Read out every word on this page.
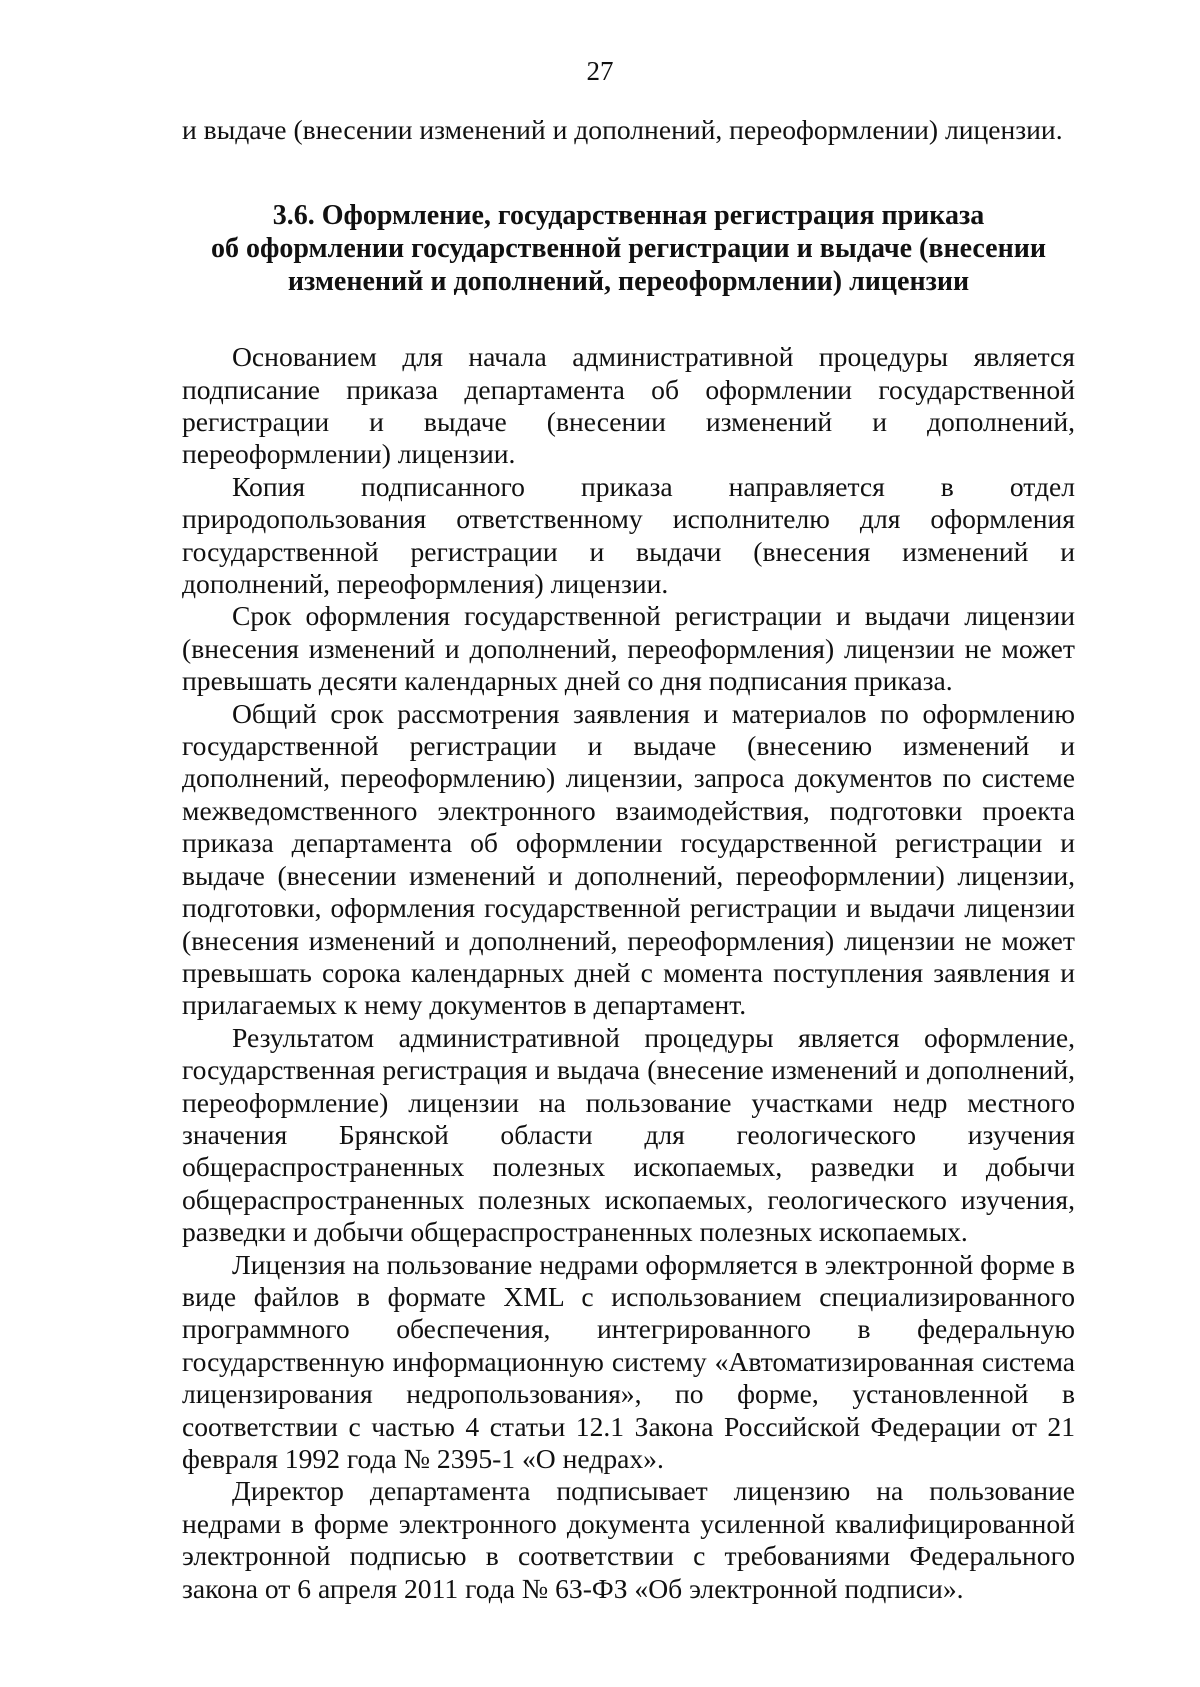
27

и выдаче (внесении изменений и дополнений, переоформлении) лицензии.

3.6. Оформление, государственная регистрация приказа
об оформлении государственной регистрации и выдаче (внесении
изменений и дополнений, переоформлении) лицензии

Основанием для начала административной процедуры является подписание приказа департамента об оформлении государственной регистрации и выдаче (внесении изменений и дополнений, переоформлении) лицензии.

Копия подписанного приказа направляется в отдел природопользования ответственному исполнителю для оформления государственной регистрации и выдачи (внесения изменений и дополнений, переоформления) лицензии.

Срок оформления государственной регистрации и выдачи лицензии (внесения изменений и дополнений, переоформления) лицензии не может превышать десяти календарных дней со дня подписания приказа.

Общий срок рассмотрения заявления и материалов по оформлению государственной регистрации и выдаче (внесению изменений и дополнений, переоформлению) лицензии, запроса документов по системе межведомственного электронного взаимодействия, подготовки проекта приказа департамента об оформлении государственной регистрации и выдаче (внесении изменений и дополнений, переоформлении) лицензии, подготовки, оформления государственной регистрации и выдачи лицензии (внесения изменений и дополнений, переоформления) лицензии не может превышать сорока календарных дней с момента поступления заявления и прилагаемых к нему документов в департамент.

Результатом административной процедуры является оформление, государственная регистрация и выдача (внесение изменений и дополнений, переоформление) лицензии на пользование участками недр местного значения Брянской области для геологического изучения общераспространенных полезных ископаемых, разведки и добычи общераспространенных полезных ископаемых, геологического изучения, разведки и добычи общераспространенных полезных ископаемых.

Лицензия на пользование недрами оформляется в электронной форме в виде файлов в формате XML с использованием специализированного программного обеспечения, интегрированного в федеральную государственную информационную систему «Автоматизированная система лицензирования недропользования», по форме, установленной в соответствии с частью 4 статьи 12.1 Закона Российской Федерации от 21 февраля 1992 года № 2395-1 «О недрах».

Директор департамента подписывает лицензию на пользование недрами в форме электронного документа усиленной квалифицированной электронной подписью в соответствии с требованиями Федерального закона от 6 апреля 2011 года № 63-ФЗ «Об электронной подписи».
